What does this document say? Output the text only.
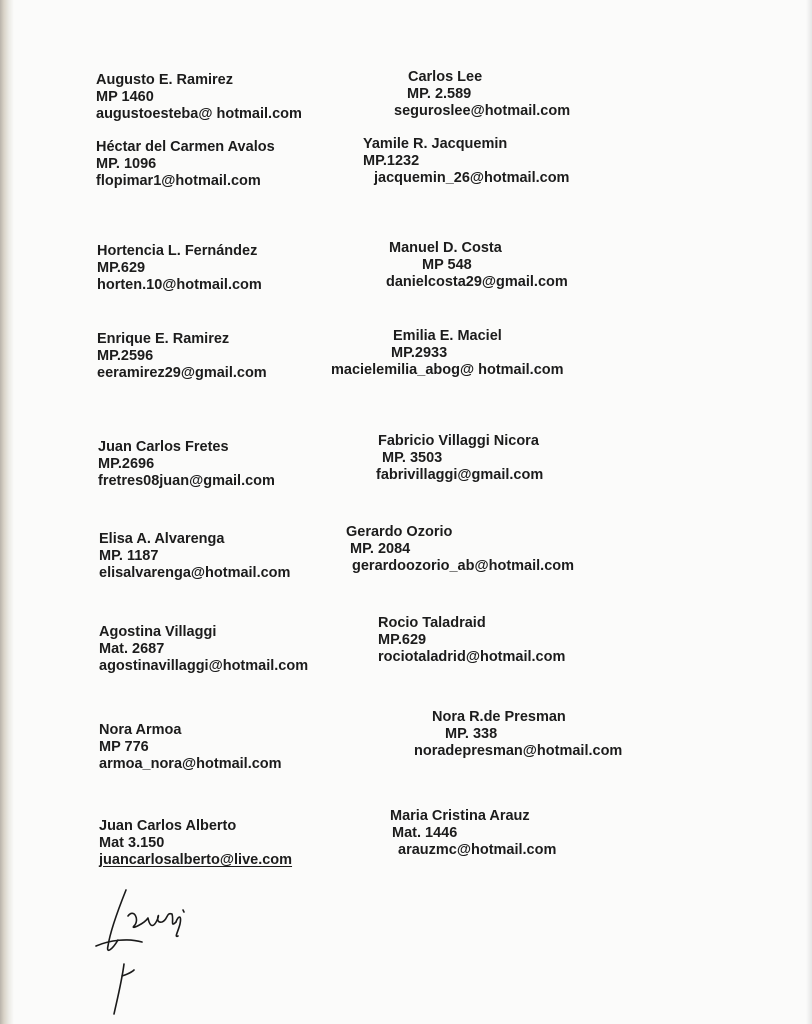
Augusto E. Ramirez
MP 1460
augustoesteba@ hotmail.com
Carlos Lee
MP. 2.589
seguroslee@hotmail.com
Héctar del Carmen Avalos
MP. 1096
flopimar1@hotmail.com
Yamile R. Jacquemin
MP.1232
jacquemin_26@hotmail.com
Hortencia L. Fernández
MP.629
horten.10@hotmail.com
Manuel D. Costa
MP 548
danielcosta29@gmail.com
Enrique E. Ramirez
MP.2596
eeramirez29@gmail.com
Emilia E. Maciel
MP.2933
macielemilia_abog@ hotmail.com
Juan Carlos Fretes
MP.2696
fretres08juan@gmail.com
Fabricio Villaggi Nicora
MP. 3503
fabrivillaggi@gmail.com
Elisa A. Alvarenga
MP. 1187
elisalvarenga@hotmail.com
Gerardo Ozorio
MP. 2084
gerardoozorio_ab@hotmail.com
Agostina Villaggi
Mat. 2687
agostinavillaggi@hotmail.com
Rocio Taladraid
MP.629
rociotaladrid@hotmail.com
Nora Armoa
MP 776
armoa_nora@hotmail.com
Nora R.de Presman
MP. 338
noradepresman@hotmail.com
Juan Carlos Alberto
Mat 3.150
juancarlosalberto@live.com
Maria Cristina Arauz
Mat. 1446
arauzmc@hotmail.com
